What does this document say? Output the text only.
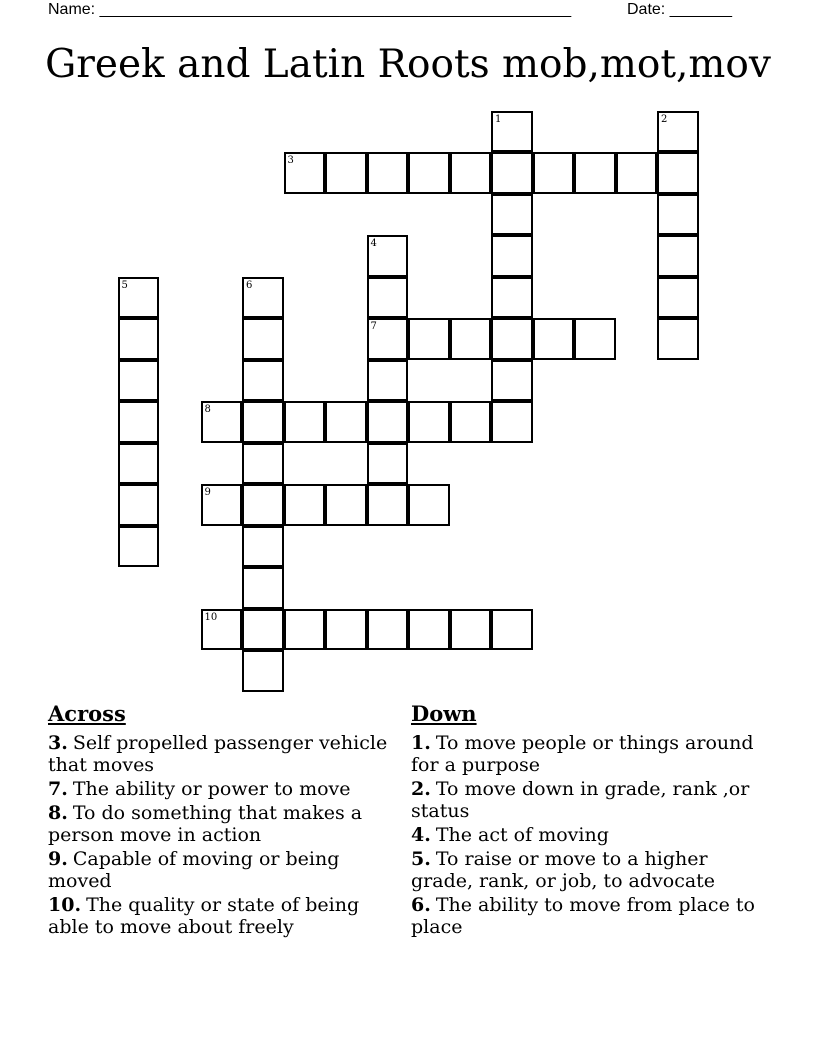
Name: _____________________________________________________	Date: _______
Greek and Latin Roots mob,mot,mov
1	2
3
4
7
5	6
8
9
10
Across
3. Self propelled passenger vehicle that moves
7. The ability or power to move
8. To do something that makes a person move in action
9. Capable of moving or being moved
10. The quality or state of being able to move about freely
Down
1. To move people or things around for a purpose
2. To move down in grade, rank ,or status
4. The act of moving
5. To raise or move to a higher grade, rank, or job, to advocate
6. The ability to move from place to place
